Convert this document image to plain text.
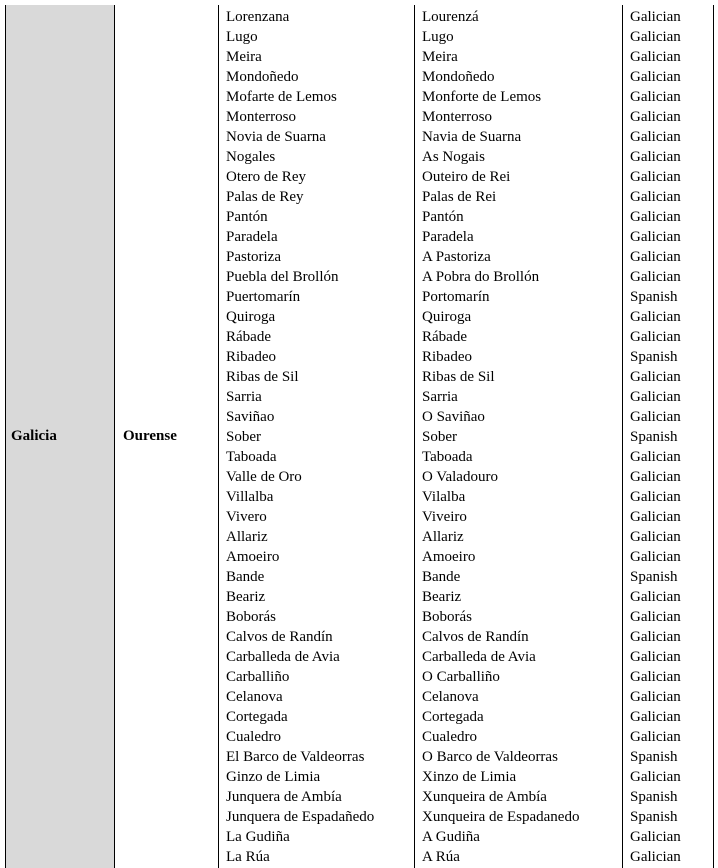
Galicia	Ourense
Lorenzana	Lourenzá	Galician
Lugo	Lugo	Galician
Meira	Meira	Galician
Mondoñedo	Mondoñedo	Galician
Mofarte de Lemos	Monforte de Lemos	Galician
Monterroso	Monterroso	Galician
Novia de Suarna	Navia de Suarna	Galician
Nogales	As Nogais	Galician
Otero de Rey	Outeiro de Rei	Galician
Palas de Rey	Palas de Rei	Galician
Pantón	Pantón	Galician
Paradela	Paradela	Galician
Pastoriza	A Pastoriza	Galician
Puebla del Brollón	A Pobra do Brollón	Galician
Puertomarín	Portomarín	Spanish
Quiroga	Quiroga	Galician
Rábade	Rábade	Galician
Ribadeo	Ribadeo	Spanish
Ribas de Sil	Ribas de Sil	Galician
Sarria	Sarria	Galician
Saviñao	O Saviñao	Galician
Sober	Sober	Spanish
Taboada	Taboada	Galician
Valle de Oro	O Valadouro	Galician
Villalba	Vilalba	Galician
Vivero	Viveiro	Galician
Allariz	Allariz	Galician
Amoeiro	Amoeiro	Galician
Bande	Bande	Spanish
Beariz	Beariz	Galician
Boborás	Boborás	Galician
Calvos de Randín	Calvos de Randín	Galician
Carballeda de Avia	Carballeda de Avia	Galician
Carballiño	O Carballiño	Galician
Celanova	Celanova	Galician
Cortegada	Cortegada	Galician
Cualedro	Cualedro	Galician
El Barco de Valdeorras	O Barco de Valdeorras	Spanish
Ginzo de Limia	Xinzo de Limia	Galician
Junquera de Ambía	Xunqueira de Ambía	Spanish
Junquera de Espadañedo	Xunqueira de Espadanedo	Spanish
La Gudiña	A Gudiña	Galician
La Rúa	A Rúa	Galician
